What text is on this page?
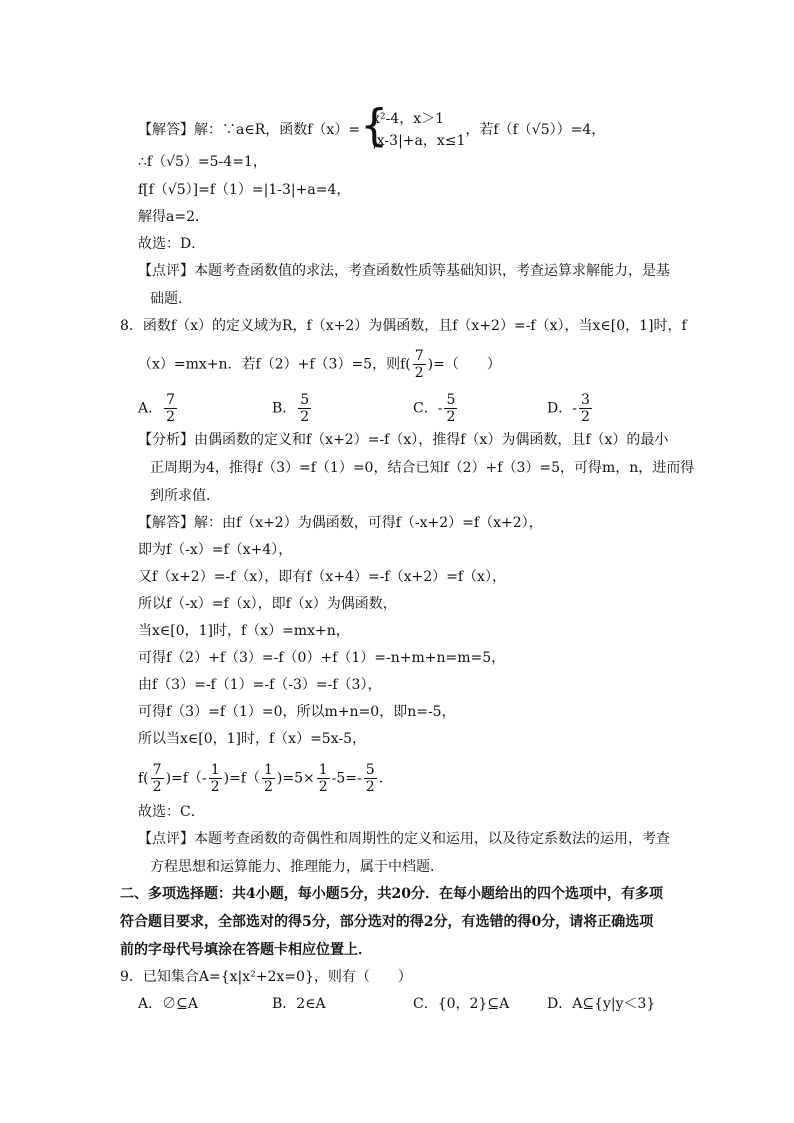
【解答】解：∵a∈R，函数f（x）= {
x²-4，x＞1
|x-3|+a，x≤1
，若f（f（√5））=4，
∴f（√5）=5-4=1，
f[f（√5）]=f（1）=|1-3|+a=4，
解得a=2．
故选：D．
【点评】本题考查函数值的求法，考查函数性质等基础知识，考查运算求解能力，是基
础题．
8．函数f（x）的定义域为R，f（x+2）为偶函数，且f（x+2）=-f（x），当x∈[0，1]时，f
（x）=mx+n．若f（2）+f（3）=5，则$f( \frac{7}{2}$ )=（　　）
A． $\frac{7}{2}$	B． $\frac{5}{2}$	C．- $\frac{5}{2}$	D．- $\frac{3}{2}$
【分析】由偶函数的定义和f（x+2）=-f（x），推得f（x）为偶函数，且f（x）的最小
正周期为4，推得f（3）=f（1）=0，结合已知f（2）+f（3）=5，可得m，n，进而得
到所求值．
【解答】解：由f（x+2）为偶函数，可得f（-x+2）=f（x+2），
即为f（-x）=f（x+4），
又f（x+2）=-f（x），即有f（x+4）=-f（x+2）=f（x），
所以f（-x）=f（x），即f（x）为偶函数，
当x∈[0，1]时，f（x）=mx+n，
可得f（2）+f（3）=-f（0）+f（1）=-n+m+n=m=5，
由f（3）=-f（1）=-f（-3）=-f（3），
可得f（3）=f（1）=0，所以m+n=0，即n=-5，
所以当x∈[0，1]时，f（x）=5x-5，
$f( \frac{7}{2} )=f(- \frac{1}{2} )=f( \frac{1}{2} )=5\times \frac{1}{2} -5=- \frac{5}{2}$ ．
故选：C．
【点评】本题考查函数的奇偶性和周期性的定义和运用，以及待定系数法的运用，考查
方程思想和运算能力、推理能力，属于中档题．
二、多项选择题：共4小题，每小题5分，共20分．在每小题给出的四个选项中，有多项
符合题目要求，全部选对的得5分，部分选对的得2分，有选错的得0分，请将正确选项
前的字母代号填涂在答题卡相应位置上．
9．已知集合A={x|x²+2x=0}，则有（　　）
A．∅⊆A	B．2∈A	C．{0，2}⊆A	D．A⊆{y|y＜3}
